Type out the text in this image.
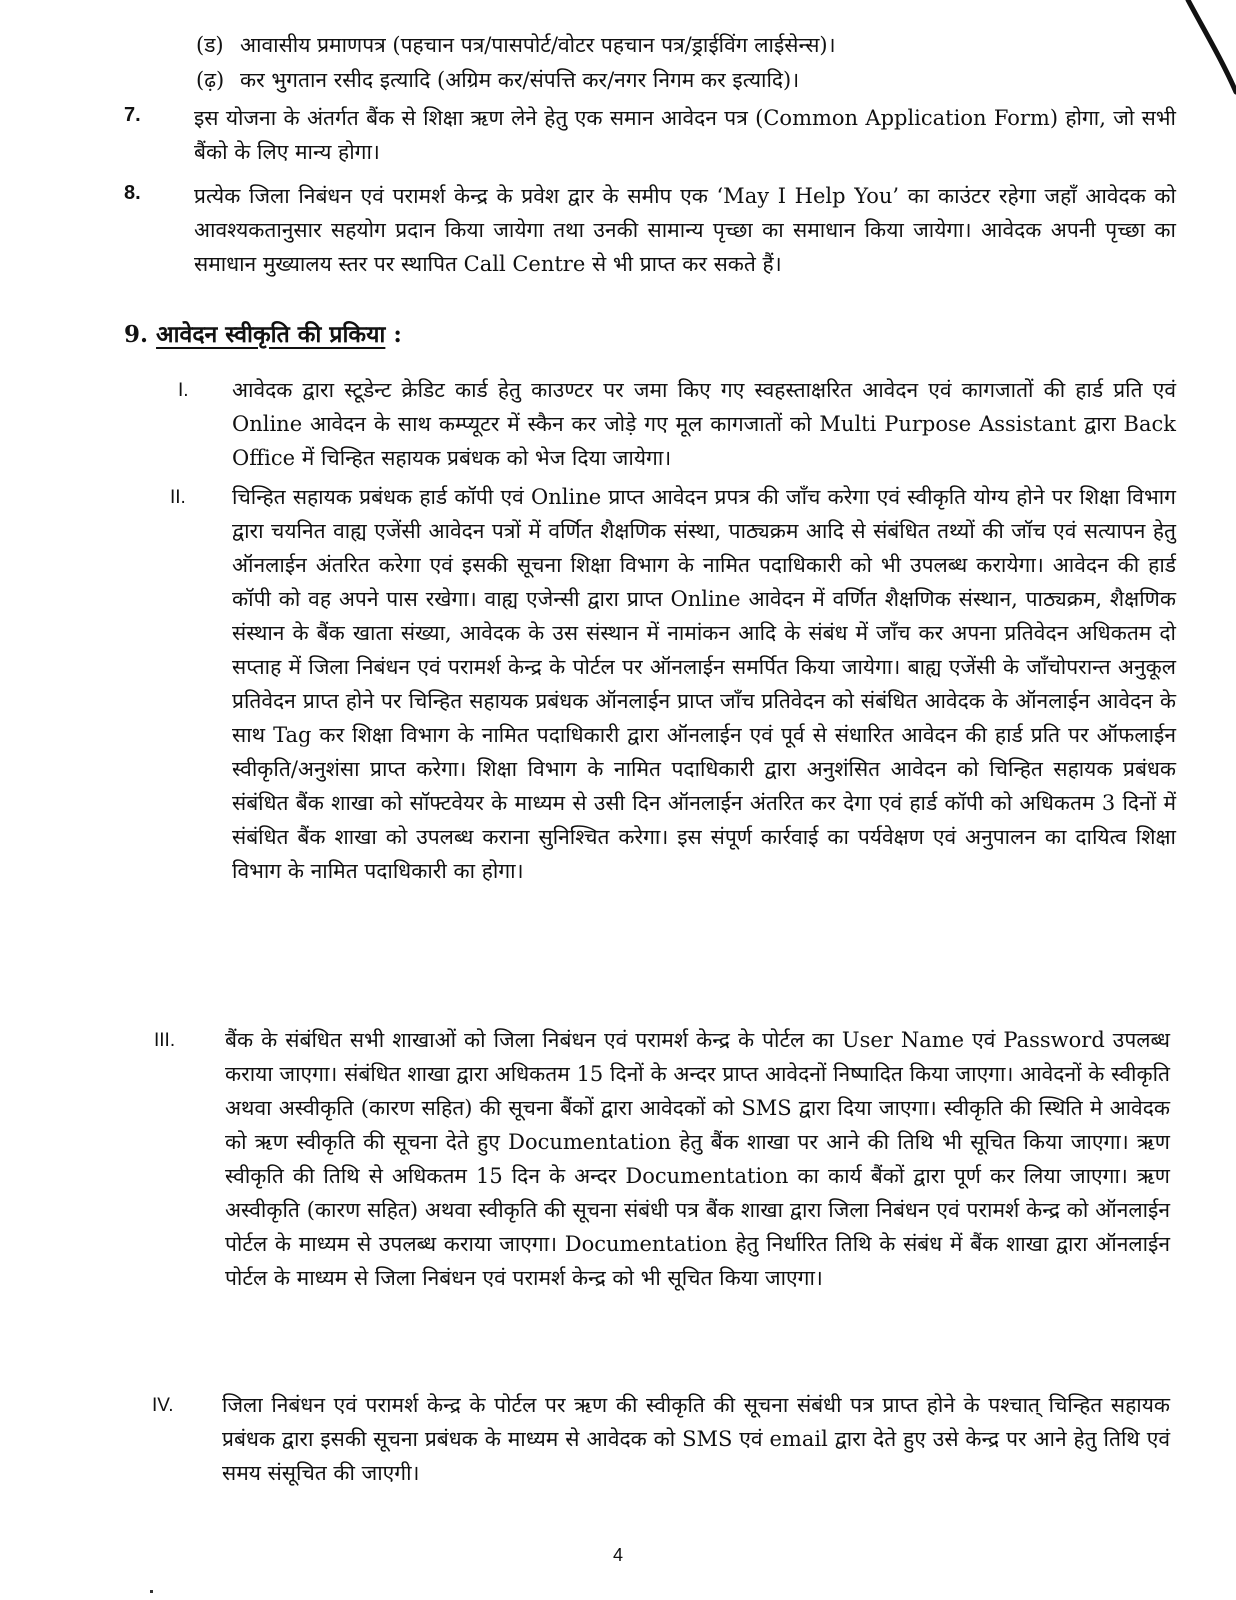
(ड) आवासीय प्रमाणपत्र (पहचान पत्र/पासपोर्ट/वोटर पहचान पत्र/ड्राईविंग लाईसेन्स)।
(ढ़) कर भुगतान रसीद इत्यादि (अग्रिम कर/संपत्ति कर/नगर निगम कर इत्यादि)।
7.	इस योजना के अंतर्गत बैंक से शिक्षा ऋण लेने हेतु एक समान आवेदन पत्र (Common Application Form) होगा, जो सभी बैंको के लिए मान्य होगा।
8.	प्रत्येक जिला निबंधन एवं परामर्श केन्द्र के प्रवेश द्वार के समीप एक ‘May I Help You’ का काउंटर रहेगा जहाँ आवेदक को आवश्यकतानुसार सहयोग प्रदान किया जायेगा तथा उनकी सामान्य पृच्छा का समाधान किया जायेगा। आवेदक अपनी पृच्छा का समाधान मुख्यालय स्तर पर स्थापित Call Centre से भी प्राप्त कर सकते हैं।
9. आवेदन स्वीकृति की प्रकिया :
I. आवेदक द्वारा स्टूडेन्ट क्रेडिट कार्ड हेतु काउण्टर पर जमा किए गए स्वहस्ताक्षरित आवेदन एवं कागजातों की हार्ड प्रति एवं Online आवेदन के साथ कम्प्यूटर में स्कैन कर जोड़े गए मूल कागजातों को Multi Purpose Assistant द्वारा Back Office में चिन्हित सहायक प्रबंधक को भेज दिया जायेगा।
II. चिन्हित सहायक प्रबंधक हार्ड कॉपी एवं Online प्राप्त आवेदन प्रपत्र की जाँच करेगा एवं स्वीकृति योग्य होने पर शिक्षा विभाग द्वारा चयनित वाह्य एजेंसी आवेदन पत्रों में वर्णित शैक्षणिक संस्था, पाठ्यक्रम आदि से संबंधित तथ्यों की जॉच एवं सत्यापन हेतु ऑनलाईन अंतरित करेगा एवं इसकी सूचना शिक्षा विभाग के नामित पदाधिकारी को भी उपलब्ध करायेगा। आवेदन की हार्ड कॉपी को वह अपने पास रखेगा। वाह्य एजेन्सी द्वारा प्राप्त Online आवेदन में वर्णित शैक्षणिक संस्थान, पाठ्यक्रम, शैक्षणिक संस्थान के बैंक खाता संख्या, आवेदक के उस संस्थान में नामांकन आदि के संबंध में जाँच कर अपना प्रतिवेदन अधिकतम दो सप्ताह में जिला निबंधन एवं परामर्श केन्द्र के पोर्टल पर ऑनलाईन समर्पित किया जायेगा। बाह्य एजेंसी के जाँचोपरान्त अनुकूल प्रतिवेदन प्राप्त होने पर चिन्हित सहायक प्रबंधक ऑनलाईन प्राप्त जाँच प्रतिवेदन को संबंधित आवेदक के ऑनलाईन आवेदन के साथ Tag कर शिक्षा विभाग के नामित पदाधिकारी द्वारा ऑनलाईन एवं पूर्व से संधारित आवेदन की हार्ड प्रति पर ऑफलाईन स्वीकृति/अनुशंसा प्राप्त करेगा। शिक्षा विभाग के नामित पदाधिकारी द्वारा अनुशंसित आवेदन को चिन्हित सहायक प्रबंधक संबंधित बैंक शाखा को सॉफ्टवेयर के माध्यम से उसी दिन ऑनलाईन अंतरित कर देगा एवं हार्ड कॉपी को अधिकतम 3 दिनों में संबंधित बैंक शाखा को उपलब्ध कराना सुनिश्चित करेगा। इस संपूर्ण कार्रवाई का पर्यवेक्षण एवं अनुपालन का दायित्व शिक्षा विभाग के नामित पदाधिकारी का होगा।
III. बैंक के संबंधित सभी शाखाओं को जिला निबंधन एवं परामर्श केन्द्र के पोर्टल का User Name एवं Password उपलब्ध कराया जाएगा। संबंधित शाखा द्वारा अधिकतम 15 दिनों के अन्दर प्राप्त आवेदनों निष्पादित किया जाएगा। आवेदनों के स्वीकृति अथवा अस्वीकृति (कारण सहित) की सूचना बैंकों द्वारा आवेदकों को SMS द्वारा दिया जाएगा। स्वीकृति की स्थिति मे आवेदक को ऋण स्वीकृति की सूचना देते हुए Documentation हेतु बैंक शाखा पर आने की तिथि भी सूचित किया जाएगा। ऋण स्वीकृति की तिथि से अधिकतम 15 दिन के अन्दर Documentation का कार्य बैंकों द्वारा पूर्ण कर लिया जाएगा। ऋण अस्वीकृति (कारण सहित) अथवा स्वीकृति की सूचना संबंधी पत्र बैंक शाखा द्वारा जिला निबंधन एवं परामर्श केन्द्र को ऑनलाईन पोर्टल के माध्यम से उपलब्ध कराया जाएगा। Documentation हेतु निर्धारित तिथि के संबंध में बैंक शाखा द्वारा ऑनलाईन पोर्टल के माध्यम से जिला निबंधन एवं परामर्श केन्द्र को भी सूचित किया जाएगा।
IV. जिला निबंधन एवं परामर्श केन्द्र के पोर्टल पर ऋण की स्वीकृति की सूचना संबंधी पत्र प्राप्त होने के पश्चात् चिन्हित सहायक प्रबंधक द्वारा इसकी सूचना प्रबंधक के माध्यम से आवेदक को SMS एवं email द्वारा देते हुए उसे केन्द्र पर आने हेतु तिथि एवं समय संसूचित की जाएगी।
4
